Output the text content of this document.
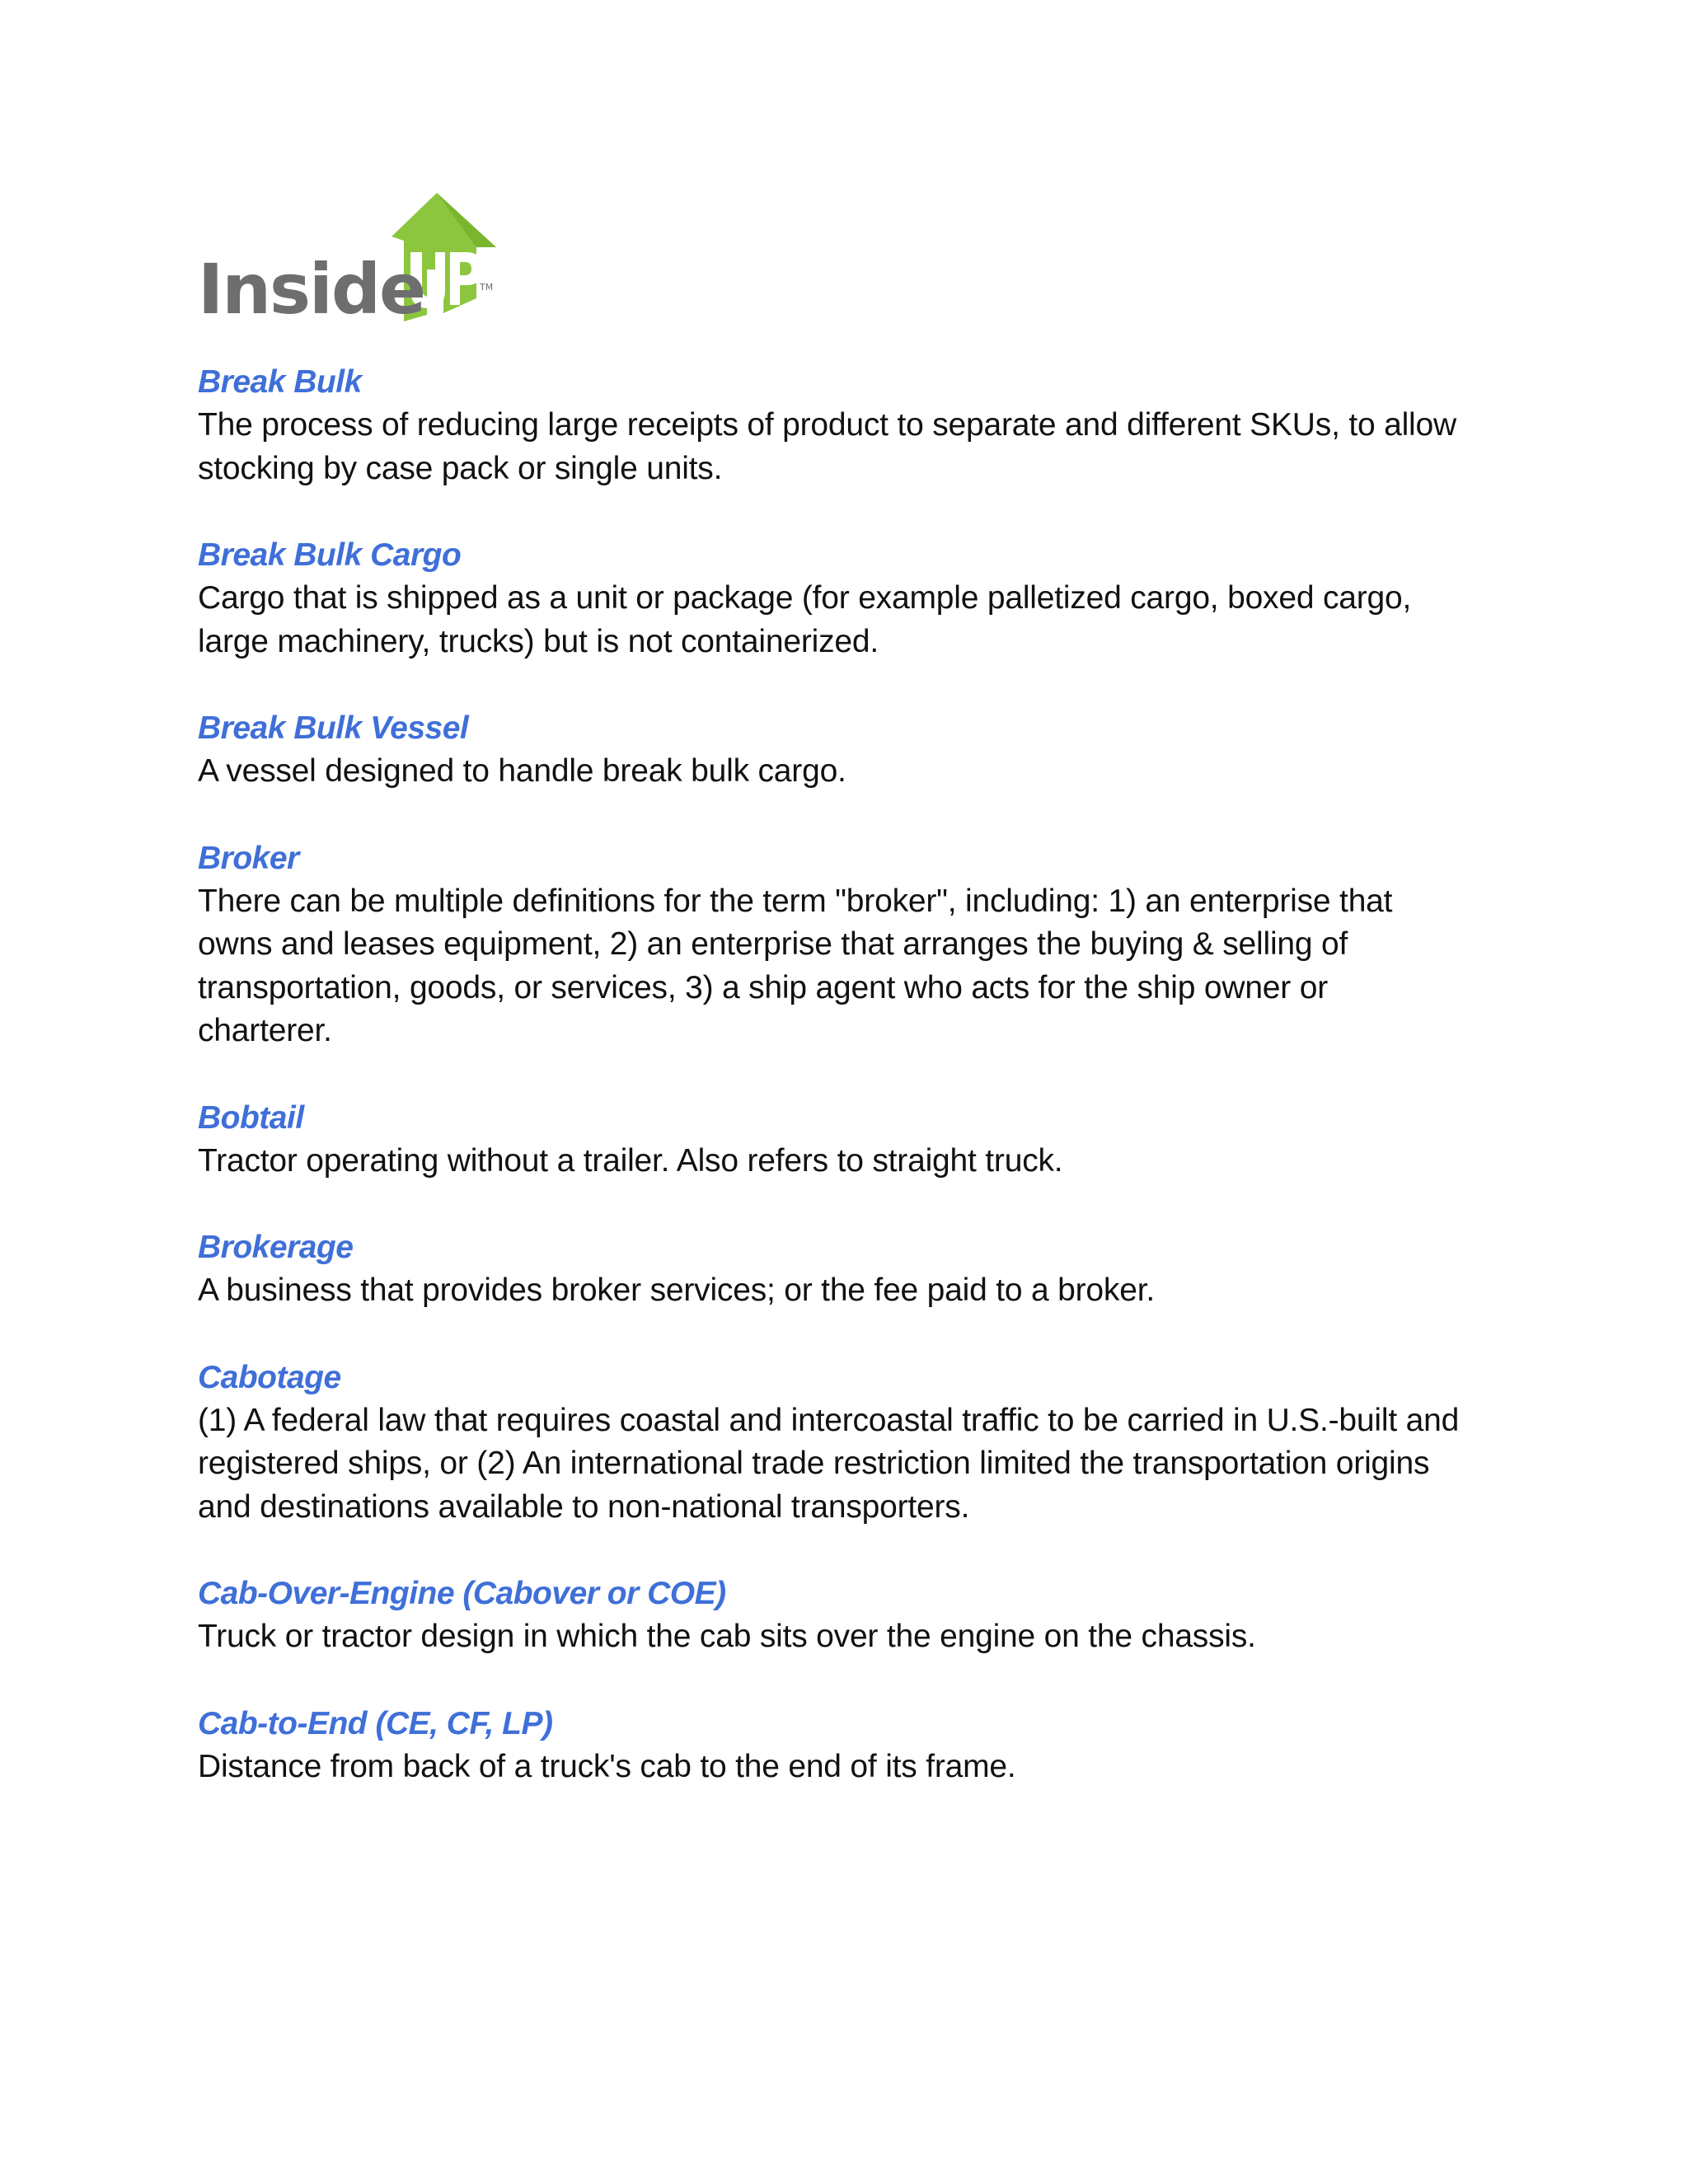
Inside	TM
Break Bulk
The process of reducing large receipts of product to separate and different SKUs, to allow stocking by case pack or single units.
Break Bulk Cargo
Cargo that is shipped as a unit or package (for example palletized cargo, boxed cargo, large machinery, trucks) but is not containerized.
Break Bulk Vessel
A vessel designed to handle break bulk cargo.
Broker
There can be multiple definitions for the term "broker", including: 1) an enterprise that owns and leases equipment, 2) an enterprise that arranges the buying & selling of transportation, goods, or services, 3) a ship agent who acts for the ship owner or charterer.
Bobtail
Tractor operating without a trailer. Also refers to straight truck.
Brokerage
A business that provides broker services; or the fee paid to a broker.
Cabotage
(1) A federal law that requires coastal and intercoastal traffic to be carried in U.S.-built and registered ships, or (2) An international trade restriction limited the transportation origins and destinations available to non-national transporters.
Cab-Over-Engine (Cabover or COE)
Truck or tractor design in which the cab sits over the engine on the chassis.
Cab-to-End (CE, CF, LP)
Distance from back of a truck's cab to the end of its frame.
